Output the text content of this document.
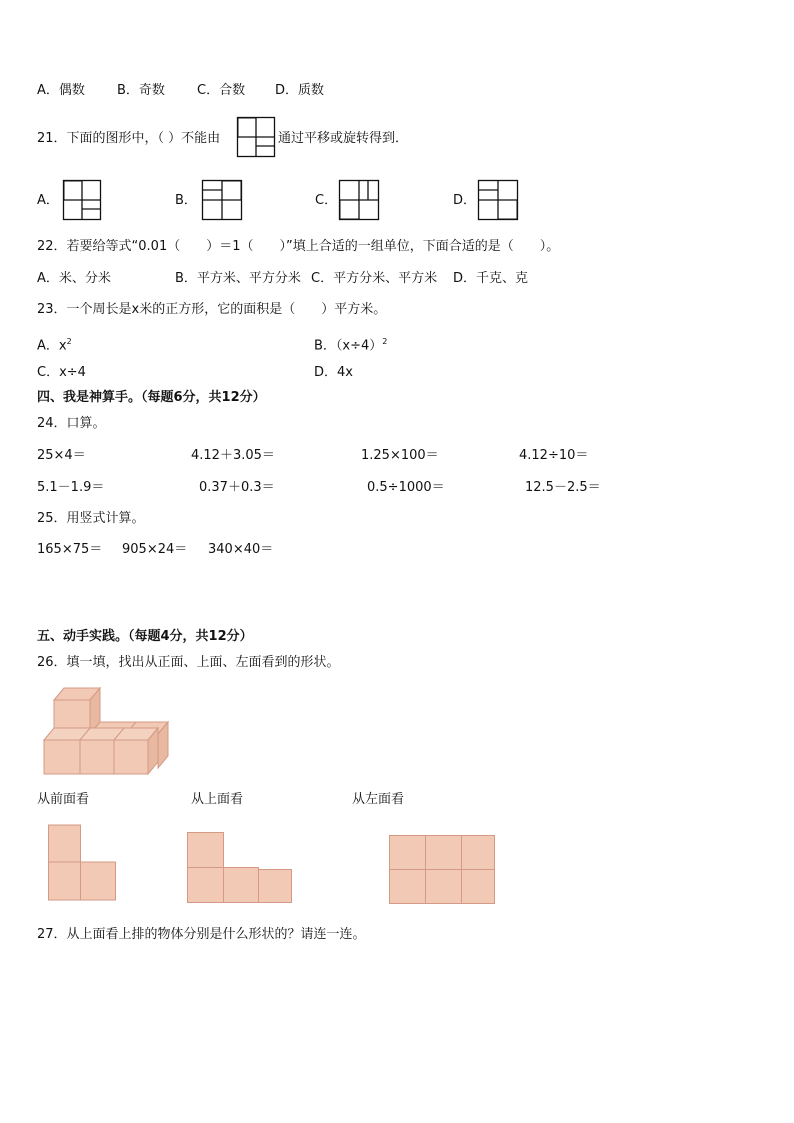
A．偶数 B．奇数 C．合数 D．质数
21．下面的图形中，（ ）不能由	通过平移或旋转得到．
A．	B．	C．	D．
22．若要给等式“0.01（　　）＝1（　　）”填上合适的一组单位，下面合适的是（　　）。
A．米、分米	B．平方米、平方分米 C．平方分米、平方米 D．千克、克
23．一个周长是x米的正方形，它的面积是（　　）平方米。
A．$x^2$	B．$(x\div 4)^2$
C．x÷4	D．4x
四、我是神算手。（每题6分，共12分）
24．口算。
25×4＝	4.12＋3.05＝	1.25×100＝	4.12÷10＝
5.1－1.9＝	0.37＋0.3＝	0.5÷1000＝	12.5－2.5＝
25．用竖式计算。
165×75＝ 905×24＝ 340×40＝
五、动手实践。（每题4分，共12分）
26．填一填，找出从正面、上面、左面看到的形状。
从前面看	从上面看	从左面看
27．从上面看上排的物体分别是什么形状的？请连一连。
